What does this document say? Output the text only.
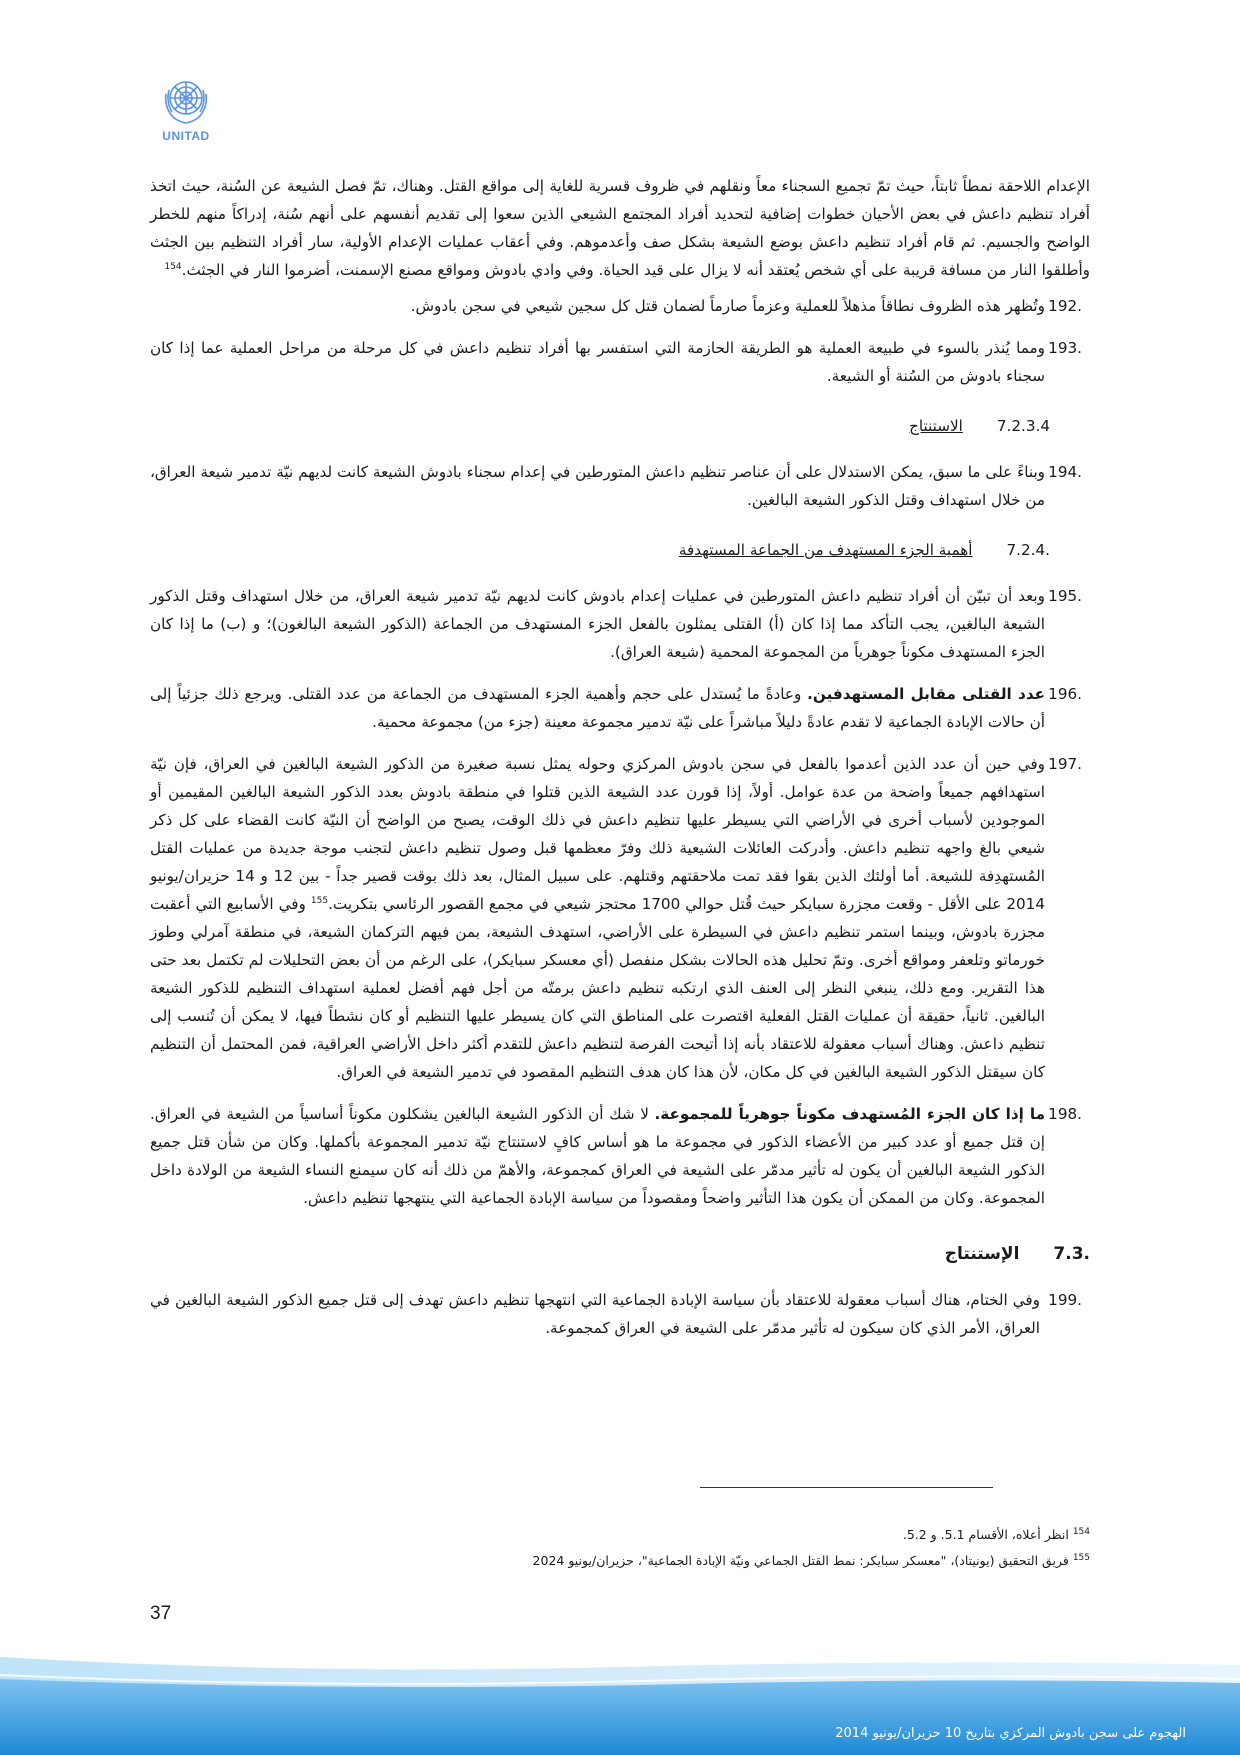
UNITAD

الإعدام اللاحقة نمطاً ثابتاً، حيث تمّ تجميع السجناء معاً ونقلهم في ظروف قسرية للغاية إلى مواقع القتل. وهناك، تمّ فصل الشيعة عن السُنة، حيث اتخذ أفراد تنظيم داعش في بعض الأحيان خطوات إضافية لتحديد أفراد المجتمع الشيعي الذين سعوا إلى تقديم أنفسهم على أنهم سُنة، إدراكاً منهم للخطر الواضح والجسيم. ثم قام أفراد تنظيم داعش بوضع الشيعة بشكل صف وأعدموهم. وفي أعقاب عمليات الإعدام الأولية، سار أفراد التنظيم بين الجثث وأطلقوا النار من مسافة قريبة على أي شخص يُعتقد أنه لا يزال على قيد الحياة. وفي وادي بادوش ومواقع مصنع الإسمنت، أضرموا النار في الجثث.$^{154}$

192.

وتُظهر هذه الظروف نطاقاً مذهلاً للعملية وعزماً صارماً لضمان قتل كل سجين شيعي في سجن بادوش.

193.

ومما يُنذر بالسوء في طبيعة العملية هو الطريقة الحازمة التي استفسر بها أفراد تنظيم داعش في كل مرحلة من مراحل العملية عما إذا كان سجناء بادوش من السُنة أو الشيعة.

7.2.3.4
الاستنتاج
194.

وبناءً على ما سبق، يمكن الاستدلال على أن عناصر تنظيم داعش المتورطين في إعدام سجناء بادوش الشيعة كانت لديهم نيّة تدمير شيعة العراق، من خلال استهداف وقتل الذكور الشيعة البالغين.

7.2.4.
أهمية الجزء المستهدف من الجماعة المستهدفة
195.

وبعد أن تبيّن أن أفراد تنظيم داعش المتورطين في عمليات إعدام بادوش كانت لديهم نيّة تدمير شيعة العراق، من خلال استهداف وقتل الذكور الشيعة البالغين، يجب التأكد مما إذا كان (أ) القتلى يمثلون بالفعل الجزء المستهدف من الجماعة (الذكور الشيعة البالغون)؛ و (ب) ما إذا كان الجزء المستهدف مكوناً جوهرياً من المجموعة المحمية (شيعة العراق).

196.

عدد القتلى مقابل المستهدفين. وعادةً ما يُستدل على حجم وأهمية الجزء المستهدف من الجماعة من عدد القتلى. ويرجع ذلك جزئياً إلى أن حالات الإبادة الجماعية لا تقدم عادةً دليلاً مباشراً على نيّة تدمير مجموعة معينة (جزء من) مجموعة محمية.

197.

وفي حين أن عدد الذين أعدموا بالفعل في سجن بادوش المركزي وحوله يمثل نسبة صغيرة من الذكور الشيعة البالغين في العراق، فإن نيّة استهدافهم جميعاً واضحة من عدة عوامل. أولاً، إذا قورن عدد الشيعة الذين قتلوا في منطقة بادوش بعدد الذكور الشيعة البالغين المقيمين أو الموجودين لأسباب أخرى في الأراضي التي يسيطر عليها تنظيم داعش في ذلك الوقت، يصبح من الواضح أن النيّة كانت القضاء على كل ذكر شيعي بالغ واجهه تنظيم داعش. وأدركت العائلات الشيعية ذلك وفرّ معظمها قبل وصول تنظيم داعش لتجنب موجة جديدة من عمليات القتل المُستهدِفة للشيعة. أما أولئك الذين بقوا فقد تمت ملاحقتهم وقتلهم. على سبيل المثال، بعد ذلك بوقت قصير جداً - بين 12 و 14 حزيران/يونيو 2014 على الأقل - وقعت مجزرة سبايكر حيث قُتل حوالي 1700 محتجز شيعي في مجمع القصور الرئاسي بتكريت.$^{155}$ وفي الأسابيع التي أعقبت مجزرة بادوش، وبينما استمر تنظيم داعش في السيطرة على الأراضي، استهدف الشيعة، بمن فيهم التركمان الشيعة، في منطقة آمرلي وطوز خورماتو وتلعفر ومواقع أخرى. وتمّ تحليل هذه الحالات بشكل منفصل (أي معسكر سبايكر)، على الرغم من أن بعض التحليلات لم تكتمل بعد حتى هذا التقرير. ومع ذلك، ينبغي النظر إلى العنف الذي ارتكبه تنظيم داعش برمتّه من أجل فهم أفضل لعملية استهداف التنظيم للذكور الشيعة البالغين. ثانياً، حقيقة أن عمليات القتل الفعلية اقتصرت على المناطق التي كان يسيطر عليها التنظيم أو كان نشطاً فيها، لا يمكن أن تُنسب إلى تنظيم داعش. وهناك أسباب معقولة للاعتقاد بأنه إذا أتيحت الفرصة لتنظيم داعش للتقدم أكثر داخل الأراضي العراقية، فمن المحتمل أن التنظيم كان سيقتل الذكور الشيعة البالغين في كل مكان، لأن هذا كان هدف التنظيم المقصود في تدمير الشيعة في العراق.

198.

ما إذا كان الجزء المُستهدف مكوناً جوهرياً للمجموعة. لا شك أن الذكور الشيعة البالغين يشكلون مكوناً أساسياً من الشيعة في العراق. إن قتل جميع أو عدد كبير من الأعضاء الذكور في مجموعة ما هو أساس كافٍ لاستنتاج نيّة تدمير المجموعة بأكملها. وكان من شأن قتل جميع الذكور الشيعة البالغين أن يكون له تأثير مدمّر على الشيعة في العراق كمجموعة، والأهمّ من ذلك أنه كان سيمنع النساء الشيعة من الولادة داخل المجموعة. وكان من الممكن أن يكون هذا التأثير واضحاً ومقصوداً من سياسة الإبادة الجماعية التي ينتهجها تنظيم داعش.

7.3.
الإستنتاج
199.

وفي الختام، هناك أسباب معقولة للاعتقاد بأن سياسة الإبادة الجماعية التي انتهجها تنظيم داعش تهدف إلى قتل جميع الذكور الشيعة البالغين في العراق، الأمر الذي كان سيكون له تأثير مدمّر على الشيعة في العراق كمجموعة.

$^{154}$ انظر أعلاه، الأقسام 5.1. و 5.2.
$^{155}$ فريق التحقيق (يونيتاد)، "معسكر سبايكر: نمط القتل الجماعي ونيّة الإبادة الجماعية"، حزيران/يونيو 2024
37
الهجوم على سجن بادوش المركزي بتاريخ 10 حزيران/يونيو 2014
